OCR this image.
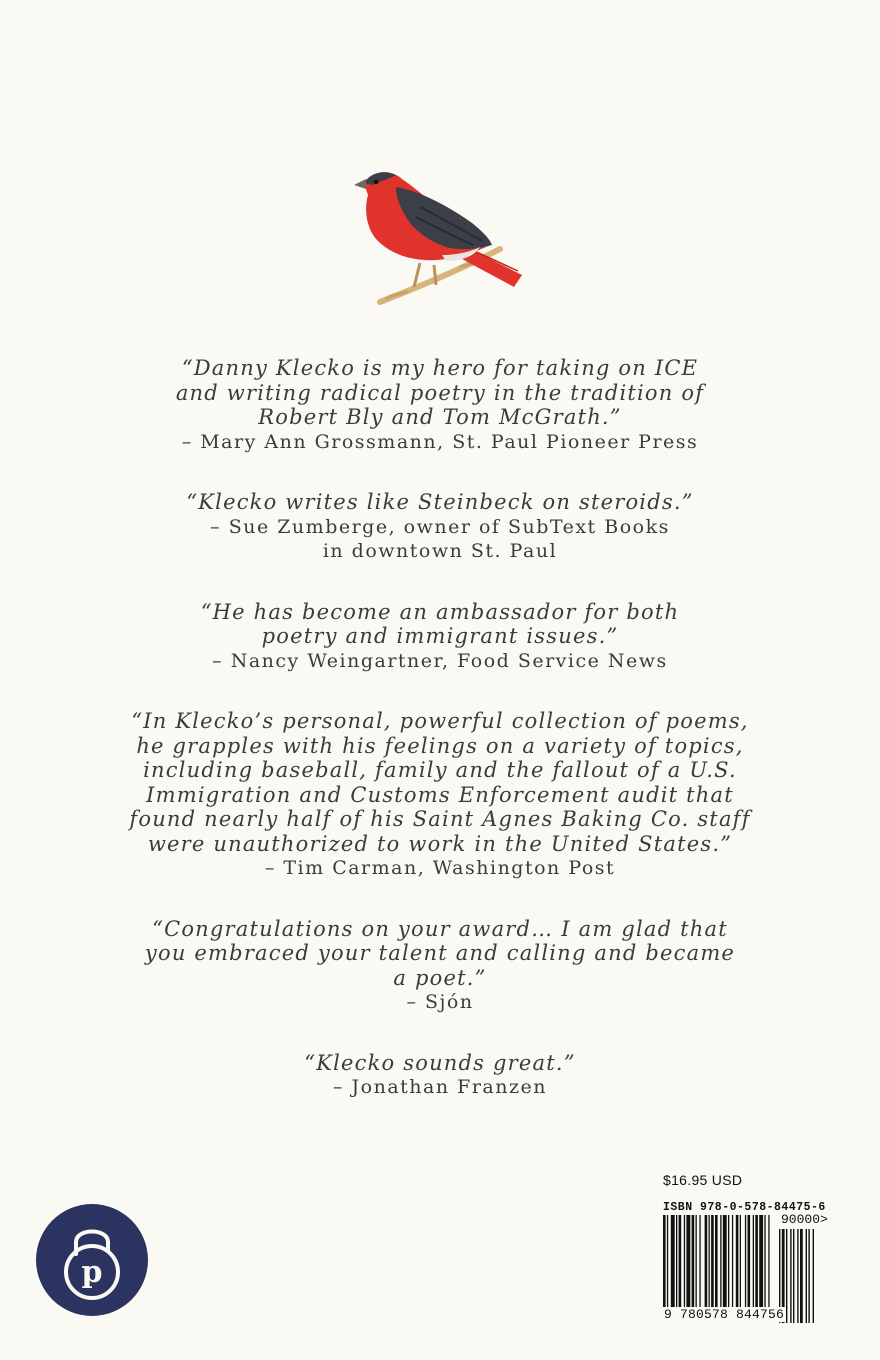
“Danny Klecko is my hero for taking on ICE and writing radical poetry in the tradition of Robert Bly and Tom McGrath.”
– Mary Ann Grossmann, St. Paul Pioneer Press
“Klecko writes like Steinbeck on steroids.”
– Sue Zumberge, owner of SubText Books
in downtown St. Paul
“He has become an ambassador for both poetry and immigrant issues.”
– Nancy Weingartner, Food Service News
“In Klecko’s personal, powerful collection of poems, he grapples with his feelings on a variety of topics, including baseball, family and the fallout of a U.S. Immigration and Customs Enforcement audit that found nearly half of his Saint Agnes Baking Co. staff were unauthorized to work in the United States.”
– Tim Carman, Washington Post
“Congratulations on your award… I am glad that you embraced your talent and calling and became a poet.”
– Sjón
“Klecko sounds great.”
– Jonathan Franzen
p
$16.95 USD
ISBN 978-0-578-84475-6
90000>
9 780578 844756
